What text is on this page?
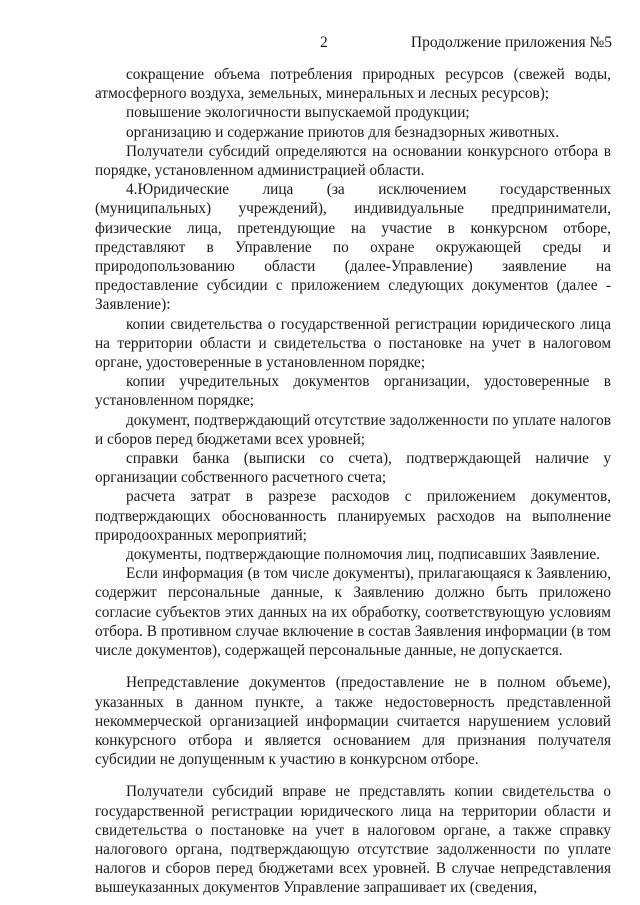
2	Продолжение приложения №5

сокращение объема потребления природных ресурсов (свежей воды, атмосферного воздуха, земельных, минеральных и лесных ресурсов);

повышение экологичности выпускаемой продукции;

организацию и содержание приютов для безнадзорных животных.

Получатели субсидий определяются на основании конкурсного отбора в порядке, установленном администрацией области.

4.Юридические лица (за исключением государственных (муниципальных) учреждений), индивидуальные предприниматели, физические лица, претендующие на участие в конкурсном отборе, представляют в Управление по охране окружающей среды и природопользованию области (далее-Управление) заявление на предоставление субсидии с приложением следующих документов (далее - Заявление):

копии свидетельства о государственной регистрации юридического лица на территории области и свидетельства о постановке на учет в налоговом органе, удостоверенные в установленном порядке;

копии учредительных документов организации, удостоверенные в установленном порядке;

документ, подтверждающий отсутствие задолженности по уплате налогов и сборов перед бюджетами всех уровней;

справки банка (выписки со счета), подтверждающей наличие у организации собственного расчетного счета;

расчета затрат в разрезе расходов с приложением документов, подтверждающих обоснованность планируемых расходов на выполнение природоохранных мероприятий;

документы, подтверждающие полномочия лиц, подписавших Заявление.

Если информация (в том числе документы), прилагающаяся к Заявлению, содержит персональные данные, к Заявлению должно быть приложено согласие субъектов этих данных на их обработку, соответствующую условиям отбора. В противном случае включение в состав Заявления информации (в том числе документов), содержащей персональные данные, не допускается.

Непредставление документов (предоставление не в полном объеме), указанных в данном пункте, а также недостоверность представленной некоммерческой организацией информации считается нарушением условий конкурсного отбора и является основанием для признания получателя субсидии не допущенным к участию в конкурсном отборе.

Получатели субсидий вправе не представлять копии свидетельства о государственной регистрации юридического лица на территории области и свидетельства о постановке на учет в налоговом органе, а также справку налогового органа, подтверждающую отсутствие задолженности по уплате налогов и сборов перед бюджетами всех уровней. В случае непредставления вышеуказанных документов Управление запрашивает их (сведения,
